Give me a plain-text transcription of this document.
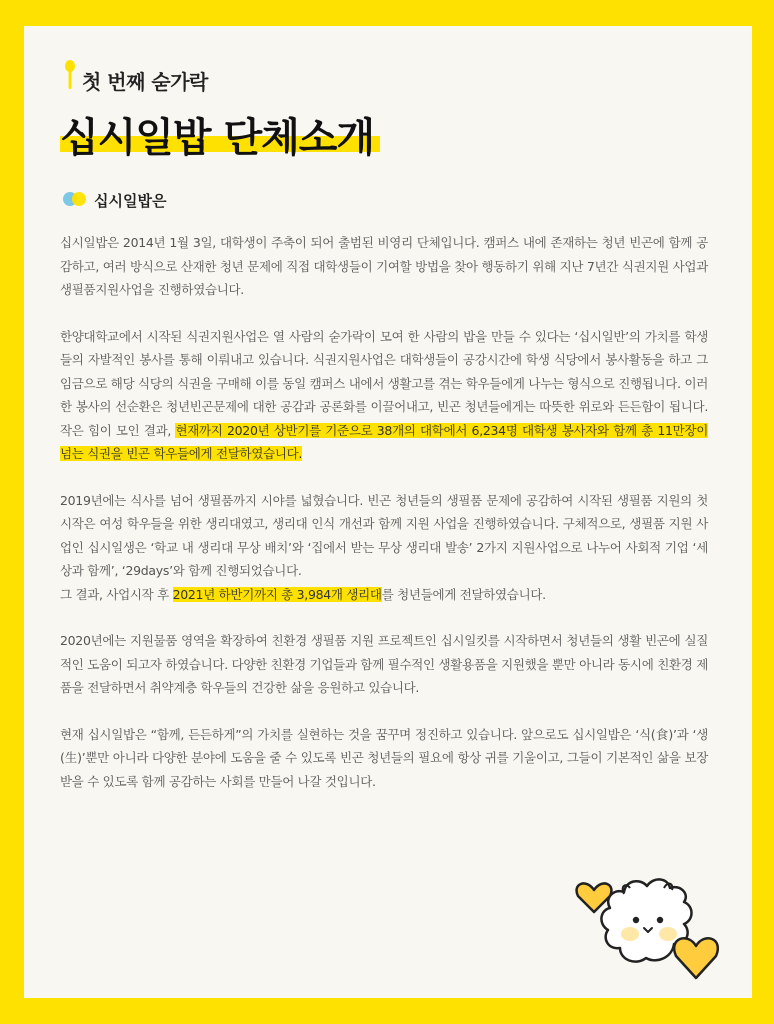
첫 번째 숟가락
십시일밥 단체소개
십시일밥은

십시일밥은 2014년 1월 3일, 대학생이 주축이 되어 출범된 비영리 단체입니다. 캠퍼스 내에 존재하는 청년 빈곤에 함께 공감하고, 여러 방식으로 산재한 청년 문제에 직접 대학생들이 기여할 방법을 찾아 행동하기 위해 지난 7년간 식권지원 사업과 생필품지원사업을 진행하였습니다.

한양대학교에서 시작된 식권지원사업은 열 사람의 숟가락이 모여 한 사람의 밥을 만들 수 있다는 ‘십시일반’의 가치를 학생들의 자발적인 봉사를 통해 이뤄내고 있습니다. 식권지원사업은 대학생들이 공강시간에 학생 식당에서 봉사활동을 하고 그 임금으로 해당 식당의 식권을 구매해 이를 동일 캠퍼스 내에서 생활고를 겪는 학우들에게 나누는 형식으로 진행됩니다. 이러한 봉사의 선순환은 청년빈곤문제에 대한 공감과 공론화를 이끌어내고, 빈곤 청년들에게는 따뜻한 위로와 든든함이 됩니다. 작은 힘이 모인 결과, 현재까지 2020년 상반기를 기준으로 38개의 대학에서 6,234명 대학생 봉사자와 함께 총 11만장이 넘는 식권을 빈곤 학우들에게 전달하였습니다.

2019년에는 식사를 넘어 생필품까지 시야를 넓혔습니다. 빈곤 청년들의 생필품 문제에 공감하여 시작된 생필품 지원의 첫 시작은 여성 학우들을 위한 생리대였고, 생리대 인식 개선과 함께 지원 사업을 진행하였습니다. 구체적으로, 생필품 지원 사업인 십시일생은 ‘학교 내 생리대 무상 배치’와 ‘집에서 받는 무상 생리대 발송’ 2가지 지원사업으로 나누어 사회적 기업 ‘세상과 함께’, ‘29days’와 함께 진행되었습니다.
그 결과, 사업시작 후 2021년 하반기까지 총 3,984개 생리대를 청년들에게 전달하였습니다.

2020년에는 지원물품 영역을 확장하여 친환경 생필품 지원 프로젝트인 십시일킷를 시작하면서 청년들의 생활 빈곤에 실질적인 도움이 되고자 하였습니다. 다양한 친환경 기업들과 함께 필수적인 생활용품을 지원했을 뿐만 아니라 동시에 친환경 제품을 전달하면서 취약계층 학우들의 건강한 삶을 응원하고 있습니다.

현재 십시일밥은 “함께, 든든하게”의 가치를 실현하는 것을 꿈꾸며 정진하고 있습니다. 앞으로도 십시일밥은 ‘식(食)’과 ‘생(生)’뿐만 아니라 다양한 분야에 도움을 줄 수 있도록 빈곤 청년들의 필요에 항상 귀를 기울이고, 그들이 기본적인 삶을 보장받을 수 있도록 함께 공감하는 사회를 만들어 나갈 것입니다.
